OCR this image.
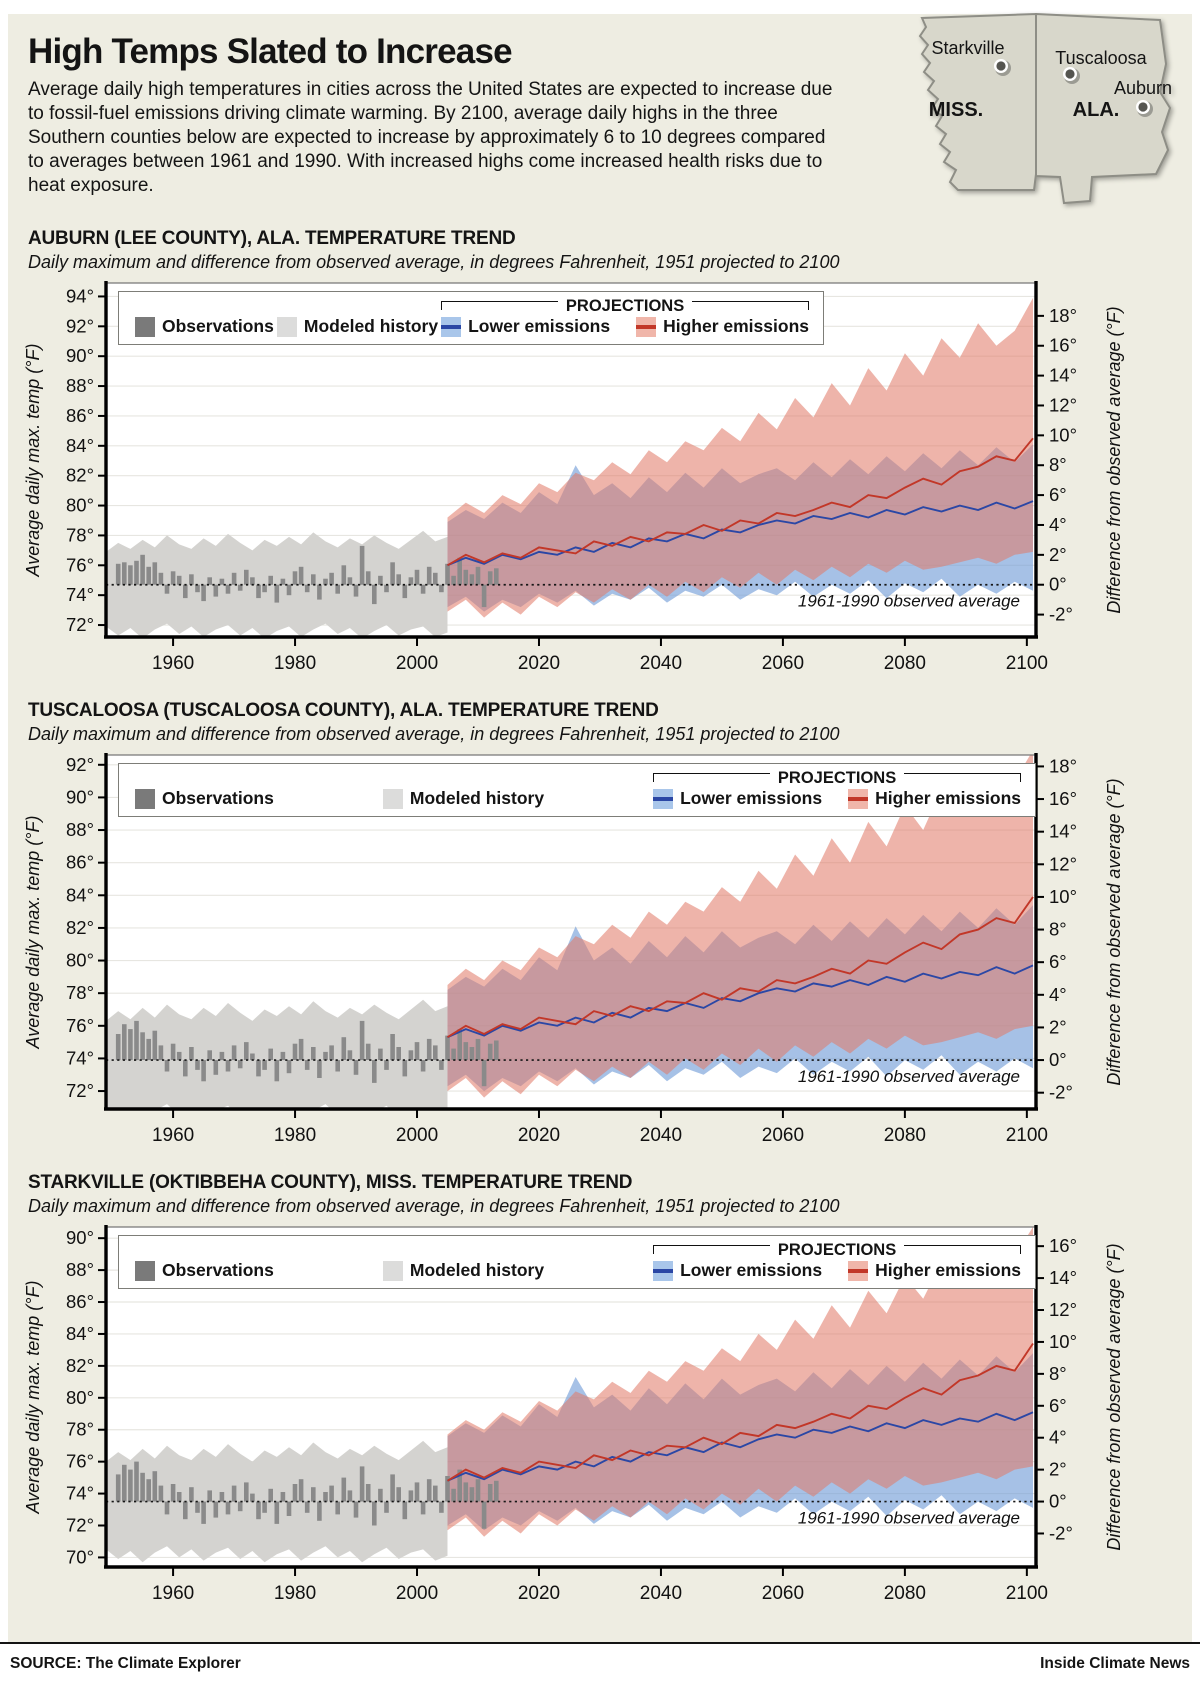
High Temps Slated to Increase

Average daily high temperatures in cities across the United States are expected to increase due to fossil-fuel emissions driving climate warming. By 2100, average daily highs in the three Southern counties below are expected to increase by approximately 6 to 10 degrees compared to averages between 1961 and 1990. With increased highs come increased health risks due to heat exposure.

Starkville	Tuscaloosa
Auburn
MISS.	ALA.
AUBURN (LEE COUNTY), ALA. TEMPERATURE TREND
Daily maximum and difference from observed average, in degrees Fahrenheit, 1951 projected to 2100
Average daily max. temp (°F)	Difference from observed average (°F)
1961-1990 observed average
72°
74°
76°
78°
80°
82°
84°
86°
88°
90°
92°
94°
-2°
0°
2°
4°
6°
8°
10°
12°
14°
16°
18°
1960	1980	2000	2020	2040	2060	2080	2100
Observations Modeled history
PROJECTIONS
Lower emissions	Higher emissions
TUSCALOOSA (TUSCALOOSA COUNTY), ALA. TEMPERATURE TREND
Daily maximum and difference from observed average, in degrees Fahrenheit, 1951 projected to 2100
Average daily max. temp (°F)	Difference from observed average (°F)
1961-1990 observed average
72°
74°
76°
78°
80°
82°
84°
86°
88°
90°
92°
-2°
0°
2°
4°
6°
8°
10°
12°
14°
16°
18°
1960	1980	2000	2020	2040	2060	2080	2100
Observations	Modeled history
PROJECTIONS
Lower emissions	Higher emissions
STARKVILLE (OKTIBBEHA COUNTY), MISS. TEMPERATURE TREND
Daily maximum and difference from observed average, in degrees Fahrenheit, 1951 projected to 2100
Average daily max. temp (°F)	Difference from observed average (°F)
1961-1990 observed average
70°
72°
74°
76°
78°
80°
82°
84°
86°
88°
90°
-2°
0°
2°
4°
6°
8°
10°
12°
14°
16°
1960	1980	2000	2020	2040	2060	2080	2100
Observations	Modeled history
PROJECTIONS
Lower emissions	Higher emissions
SOURCE: The Climate Explorer	Inside Climate News
